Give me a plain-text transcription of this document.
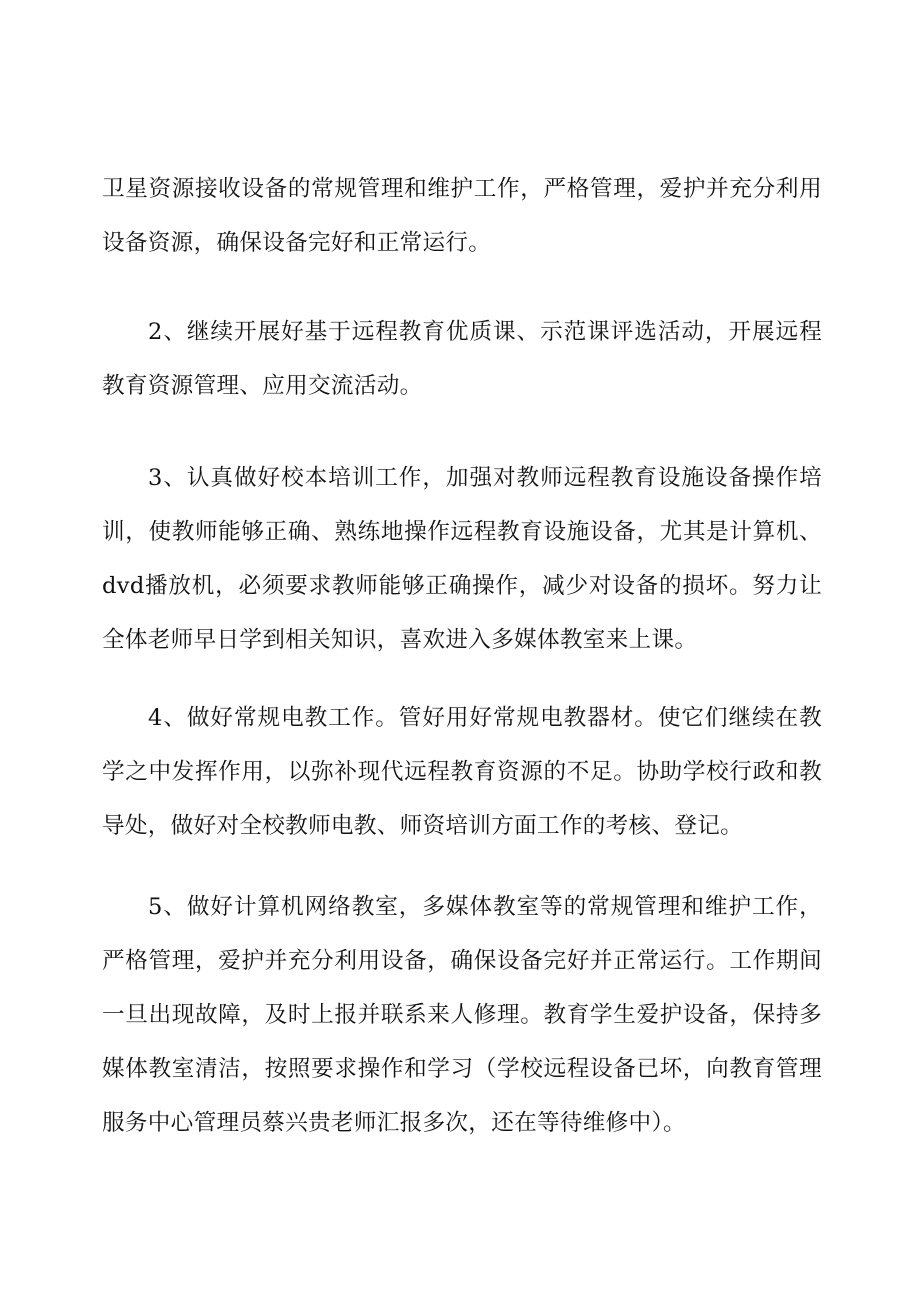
卫星资源接收设备的常规管理和维护工作，严格管理，爱护并充分利用设备资源，确保设备完好和正常运行。

2、继续开展好基于远程教育优质课、示范课评选活动，开展远程教育资源管理、应用交流活动。

3、认真做好校本培训工作，加强对教师远程教育设施设备操作培训，使教师能够正确、熟练地操作远程教育设施设备，尤其是计算机、dvd播放机，必须要求教师能够正确操作，减少对设备的损坏。努力让全体老师早日学到相关知识，喜欢进入多媒体教室来上课。

4、做好常规电教工作。管好用好常规电教器材。使它们继续在教学之中发挥作用，以弥补现代远程教育资源的不足。协助学校行政和教导处，做好对全校教师电教、师资培训方面工作的考核、登记。

5、做好计算机网络教室，多媒体教室等的常规管理和维护工作，严格管理，爱护并充分利用设备，确保设备完好并正常运行。工作期间一旦出现故障，及时上报并联系来人修理。教育学生爱护设备，保持多媒体教室清洁，按照要求操作和学习（学校远程设备已坏，向教育管理服务中心管理员蔡兴贵老师汇报多次，还在等待维修中）。
